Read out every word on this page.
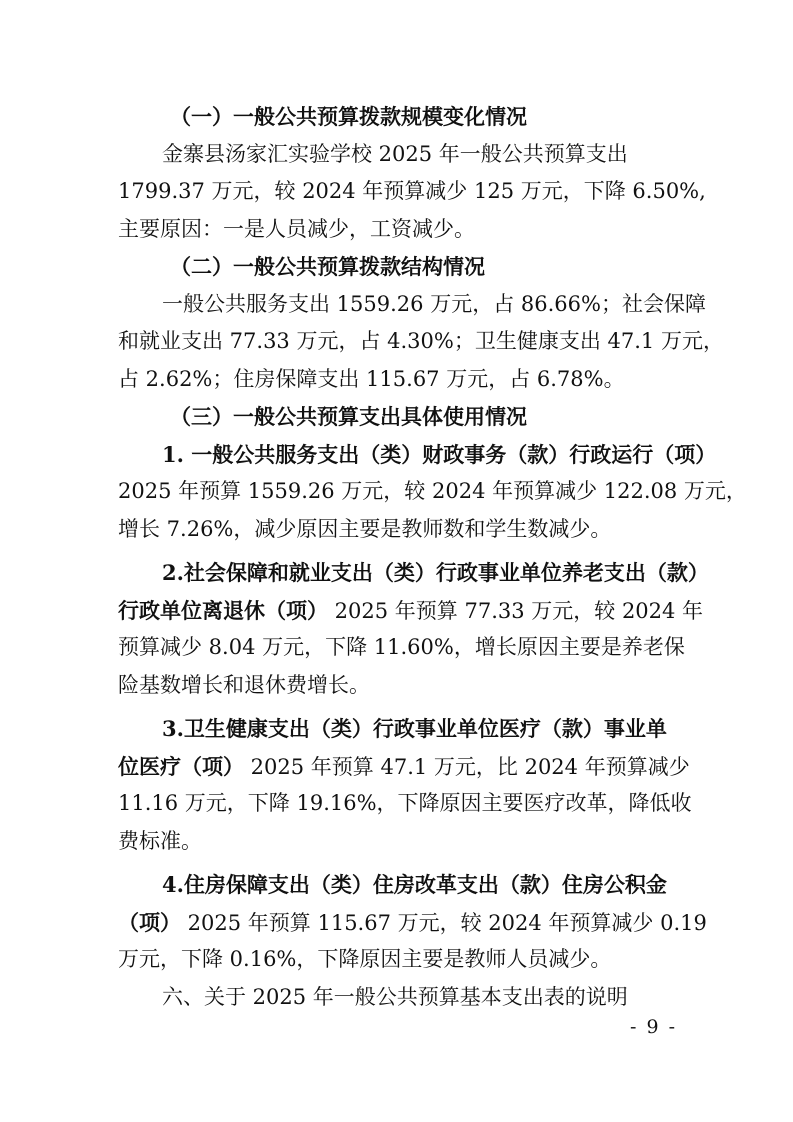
（一）一般公共预算拨款规模变化情况
金寨县汤家汇实验学校 2025 年一般公共预算支出
1799.37 万元，较 2024 年预算减少 125 万元，下降 6.50%,
主要原因：一是人员减少，工资减少。
（二）一般公共预算拨款结构情况
一般公共服务支出 1559.26 万元，占 86.66%；社会保障
和就业支出 77.33 万元，占 4.30%；卫生健康支出 47.1 万元，
占 2.62%；住房保障支出 115.67 万元，占 6.78%。
（三）一般公共预算支出具体使用情况
1. 一般公共服务支出（类）财政事务（款）行政运行（项）
2025 年预算 1559.26 万元，较 2024 年预算减少 122.08 万元，
增长 7.26%，减少原因主要是教师数和学生数减少。
2.社会保障和就业支出（类）行政事业单位养老支出（款）
行政单位离退休（项） 2025 年预算 77.33 万元，较 2024 年
预算减少 8.04 万元，下降 11.60%，增长原因主要是养老保
险基数增长和退休费增长。
3.卫生健康支出（类）行政事业单位医疗（款）事业单
位医疗（项） 2025 年预算 47.1 万元，比 2024 年预算减少
11.16 万元，下降 19.16%，下降原因主要医疗改革，降低收
费标准。
4.住房保障支出（类）住房改革支出（款）住房公积金
（项） 2025 年预算 115.67 万元，较 2024 年预算减少 0.19
万元，下降 0.16%，下降原因主要是教师人员减少。
六、关于 2025 年一般公共预算基本支出表的说明
- 9 -
